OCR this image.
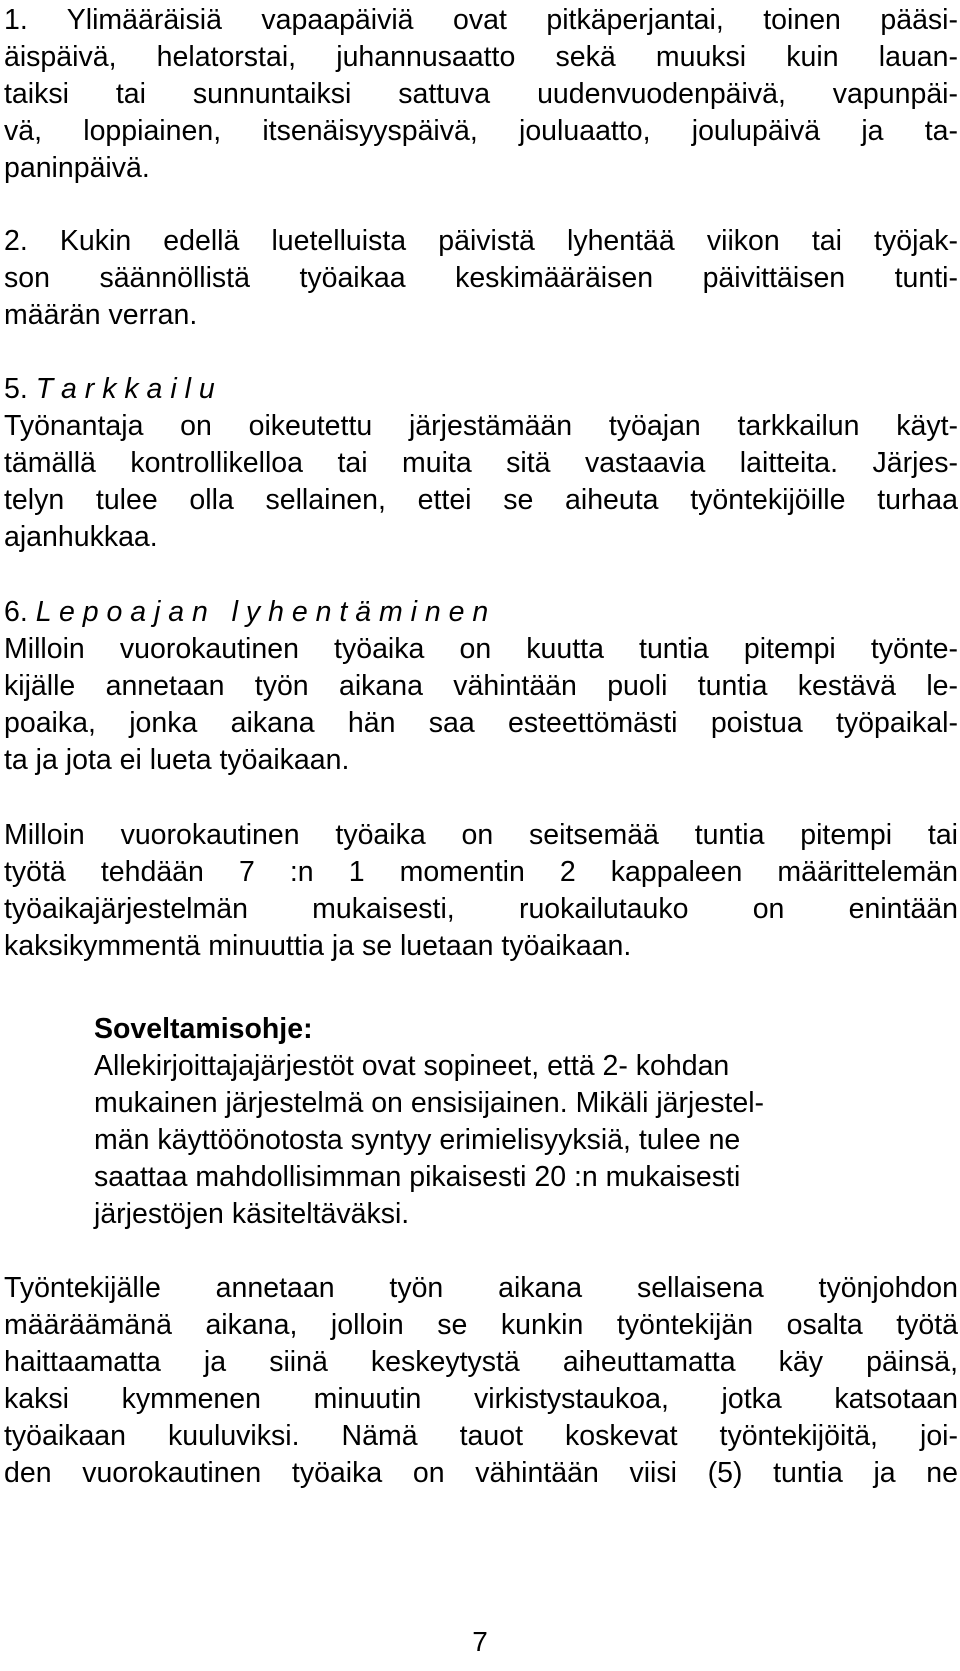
1. Ylimääräisiä vapaapäiviä ovat pitkäperjantai, toinen pääsi-
äispäivä, helatorstai, juhannusaatto sekä muuksi kuin lauan-
taiksi tai sunnuntaiksi sattuva uudenvuodenpäivä, vapunpäi-
vä, loppiainen, itsenäisyyspäivä, jouluaatto, joulupäivä ja ta-
paninpäivä.
2. Kukin edellä luetelluista päivistä lyhentää viikon tai työjak-
son säännöllistä työaikaa keskimääräisen päivittäisen tunti-
määrän verran.
5. T a r k k a i l u
Työnantaja on oikeutettu järjestämään työajan tarkkailun käyt-
tämällä kontrollikelloa tai muita sitä vastaavia laitteita. Järjes-
telyn tulee olla sellainen, ettei se aiheuta työntekijöille turhaa
ajanhukkaa.
6. L e p o a j a n   l y h e n t ä m i n e n
Milloin vuorokautinen työaika on kuutta tuntia pitempi työnte-
kijälle annetaan työn aikana vähintään puoli tuntia kestävä le-
poaika, jonka aikana hän saa esteettömästi poistua työpaikal-
ta ja jota ei lueta työaikaan.
Milloin vuorokautinen työaika on seitsemää tuntia pitempi tai
työtä tehdään 7 :n 1 momentin 2 kappaleen määrittelemän
työaikajärjestelmän mukaisesti, ruokailutauko on enintään
kaksikymmentä minuuttia ja se luetaan työaikaan.
Soveltamisohje:
Allekirjoittajajärjestöt ovat sopineet, että 2- kohdan
mukainen järjestelmä on ensisijainen. Mikäli järjestel-
män käyttöönotosta syntyy erimielisyyksiä, tulee ne
saattaa mahdollisimman pikaisesti 20 :n mukaisesti
järjestöjen käsiteltäväksi.
Työntekijälle annetaan työn aikana sellaisena työnjohdon
määräämänä aikana, jolloin se kunkin työntekijän osalta työtä
haittaamatta ja siinä keskeytystä aiheuttamatta käy päinsä,
kaksi kymmenen minuutin virkistystaukoa, jotka katsotaan
työaikaan kuuluviksi. Nämä tauot koskevat työntekijöitä, joi-
den vuorokautinen työaika on vähintään viisi (5) tuntia ja ne
7
